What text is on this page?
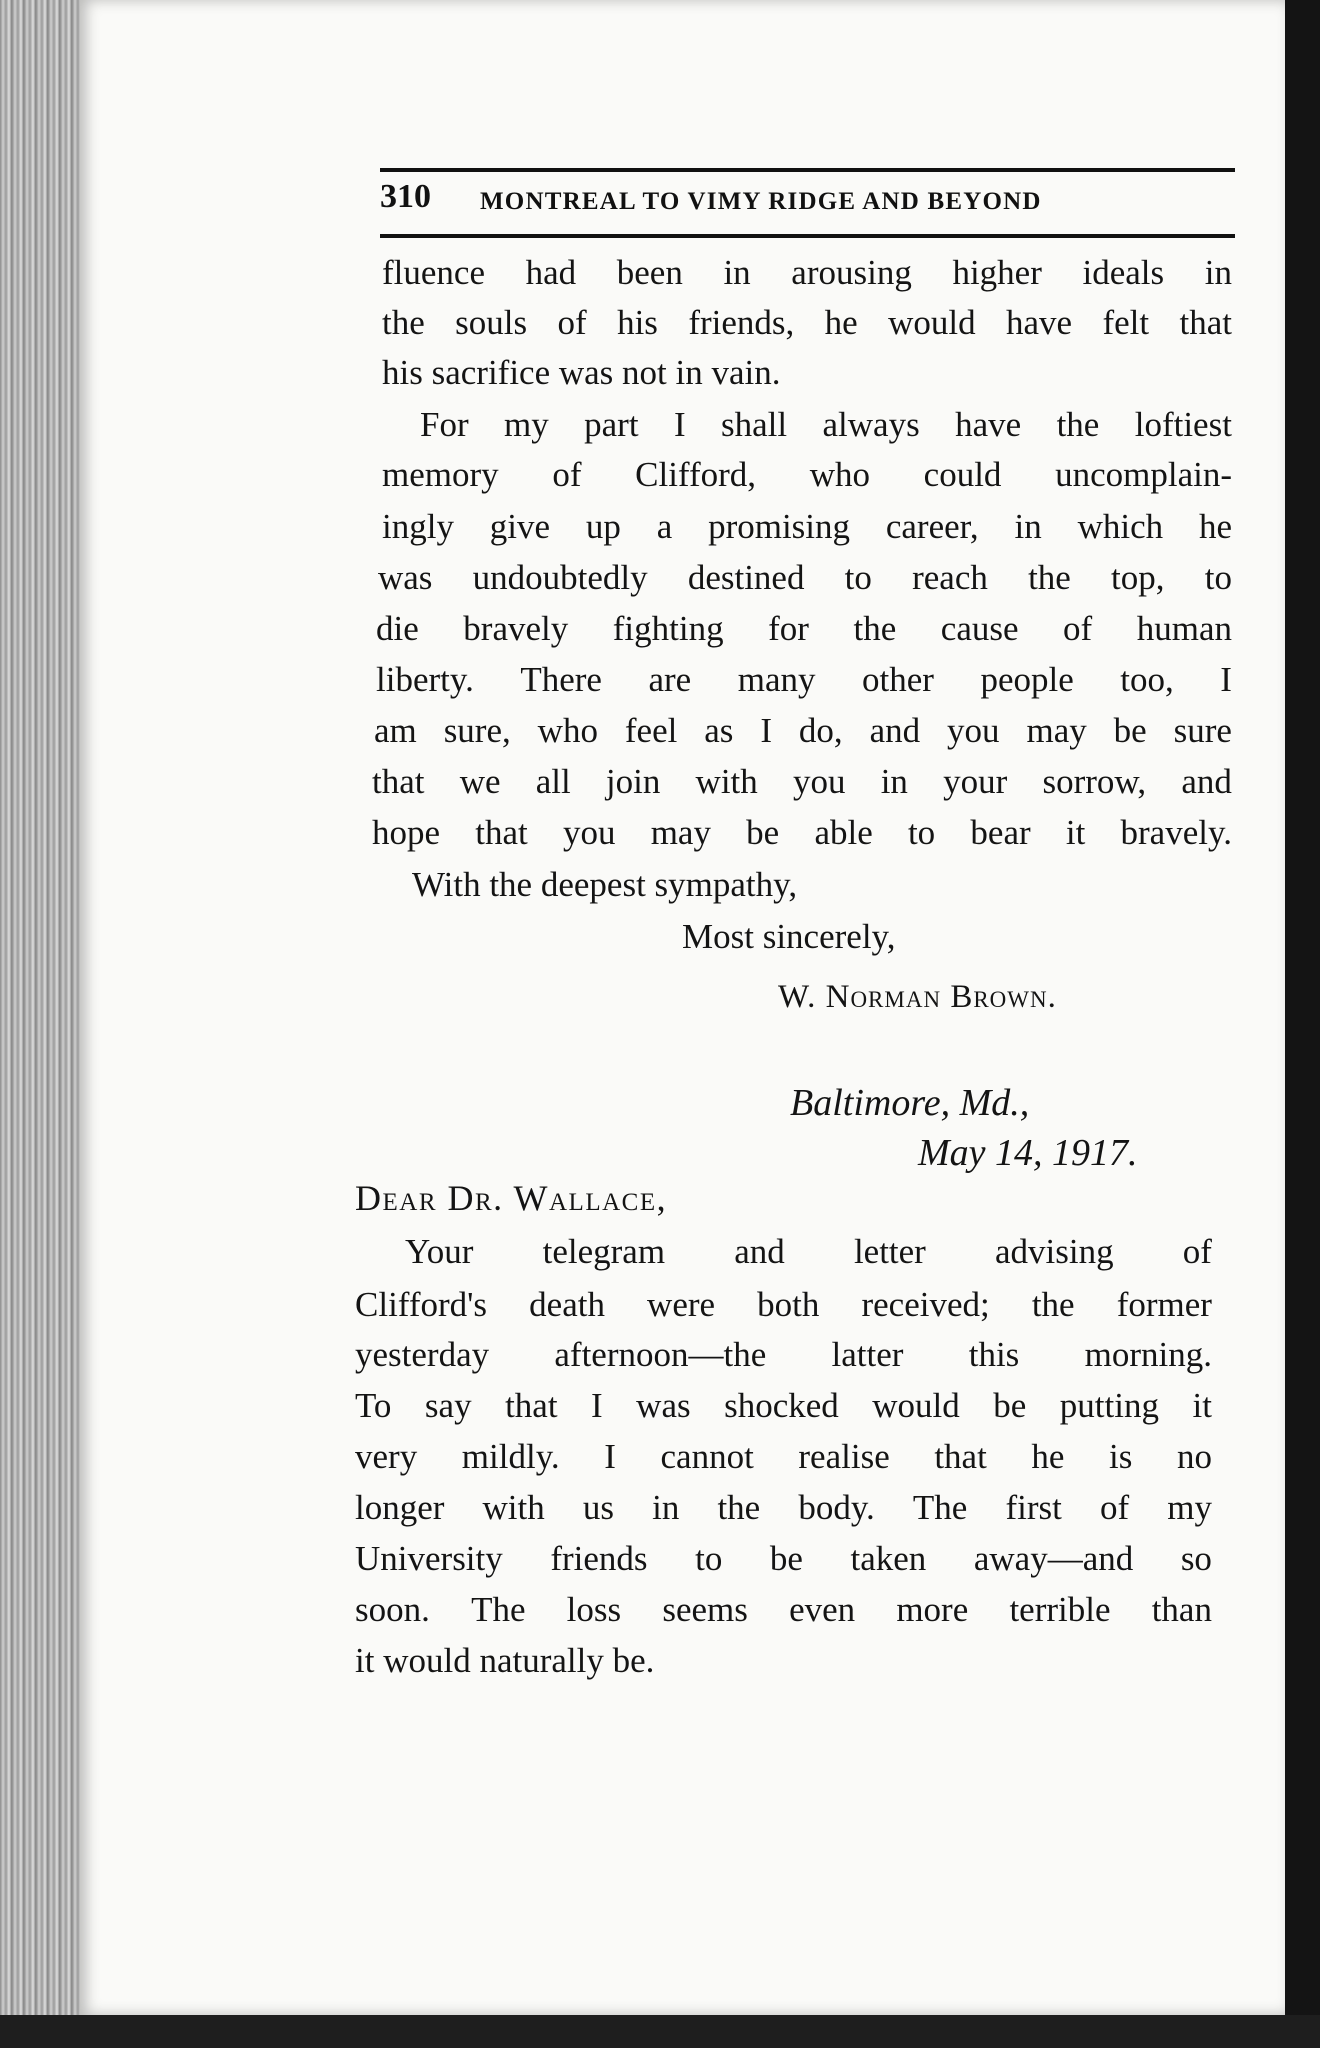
310 MONTREAL TO VIMY RIDGE AND BEYOND
fluence had been in arousing higher ideals in
the souls of his friends, he would have felt that
his sacrifice was not in vain.
For my part I shall always have the loftiest
memory of Clifford, who could uncomplain-
ingly give up a promising career, in which he
was undoubtedly destined to reach the top, to
die bravely fighting for the cause of human
liberty. There are many other people too, I
am sure, who feel as I do, and you may be sure
that we all join with you in your sorrow, and
hope that you may be able to bear it bravely.
With the deepest sympathy,
Most sincerely,
W. Norman Brown.
Baltimore, Md.,
May 14, 1917.
Dear Dr. Wallace,
Your telegram and letter advising of
Clifford's death were both received; the former
yesterday afternoon—the latter this morning.
To say that I was shocked would be putting it
very mildly. I cannot realise that he is no
longer with us in the body. The first of my
University friends to be taken away—and so
soon. The loss seems even more terrible than
it would naturally be.
